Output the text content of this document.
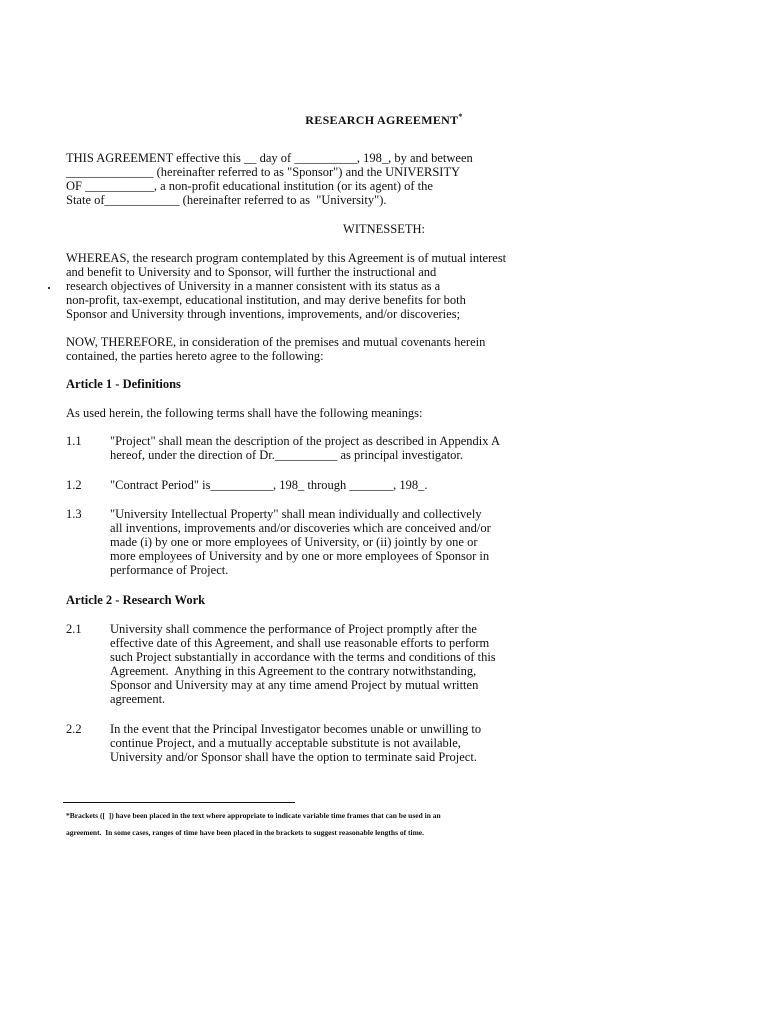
RESEARCH AGREEMENT*
THIS AGREEMENT effective this __ day of __________, 198_, by and between
______________ (hereinafter referred to as "Sponsor") and the UNIVERSITY
OF ___________, a non-profit educational institution (or its agent) of the
State of____________ (hereinafter referred to as  "University").
WITNESSETH:
WHEREAS, the research program contemplated by this Agreement is of mutual interest
and benefit to University and to Sponsor, will further the instructional and
research objectives of University in a manner consistent with its status as a
non-profit, tax-exempt, educational institution, and may derive benefits for both
Sponsor and University through inventions, improvements, and/or discoveries;
NOW, THEREFORE, in consideration of the premises and mutual covenants herein
contained, the parties hereto agree to the following:
Article 1 - Definitions
As used herein, the following terms shall have the following meanings:
1.1 "Project" shall mean the description of the project as described in Appendix A
hereof, under the direction of Dr.__________ as principal investigator.
1.2 "Contract Period" is__________, 198_ through _______, 198_.
1.3 "University Intellectual Property" shall mean individually and collectively
all inventions, improvements and/or discoveries which are conceived and/or
made (i) by one or more employees of University, or (ii) jointly by one or
more employees of University and by one or more employees of Sponsor in
performance of Project.
Article 2 - Research Work
2.1 University shall commence the performance of Project promptly after the
effective date of this Agreement, and shall use reasonable efforts to perform
such Project substantially in accordance with the terms and conditions of this
Agreement.  Anything in this Agreement to the contrary notwithstanding,
Sponsor and University may at any time amend Project by mutual written
agreement.
2.2 In the event that the Principal Investigator becomes unable or unwilling to
continue Project, and a mutually acceptable substitute is not available,
University and/or Sponsor shall have the option to terminate said Project.
*Brackets ([  ]) have been placed in the text where appropriate to indicate variable time frames that can be used in an
agreement.  In some cases, ranges of time have been placed in the brackets to suggest reasonable lengths of time.
